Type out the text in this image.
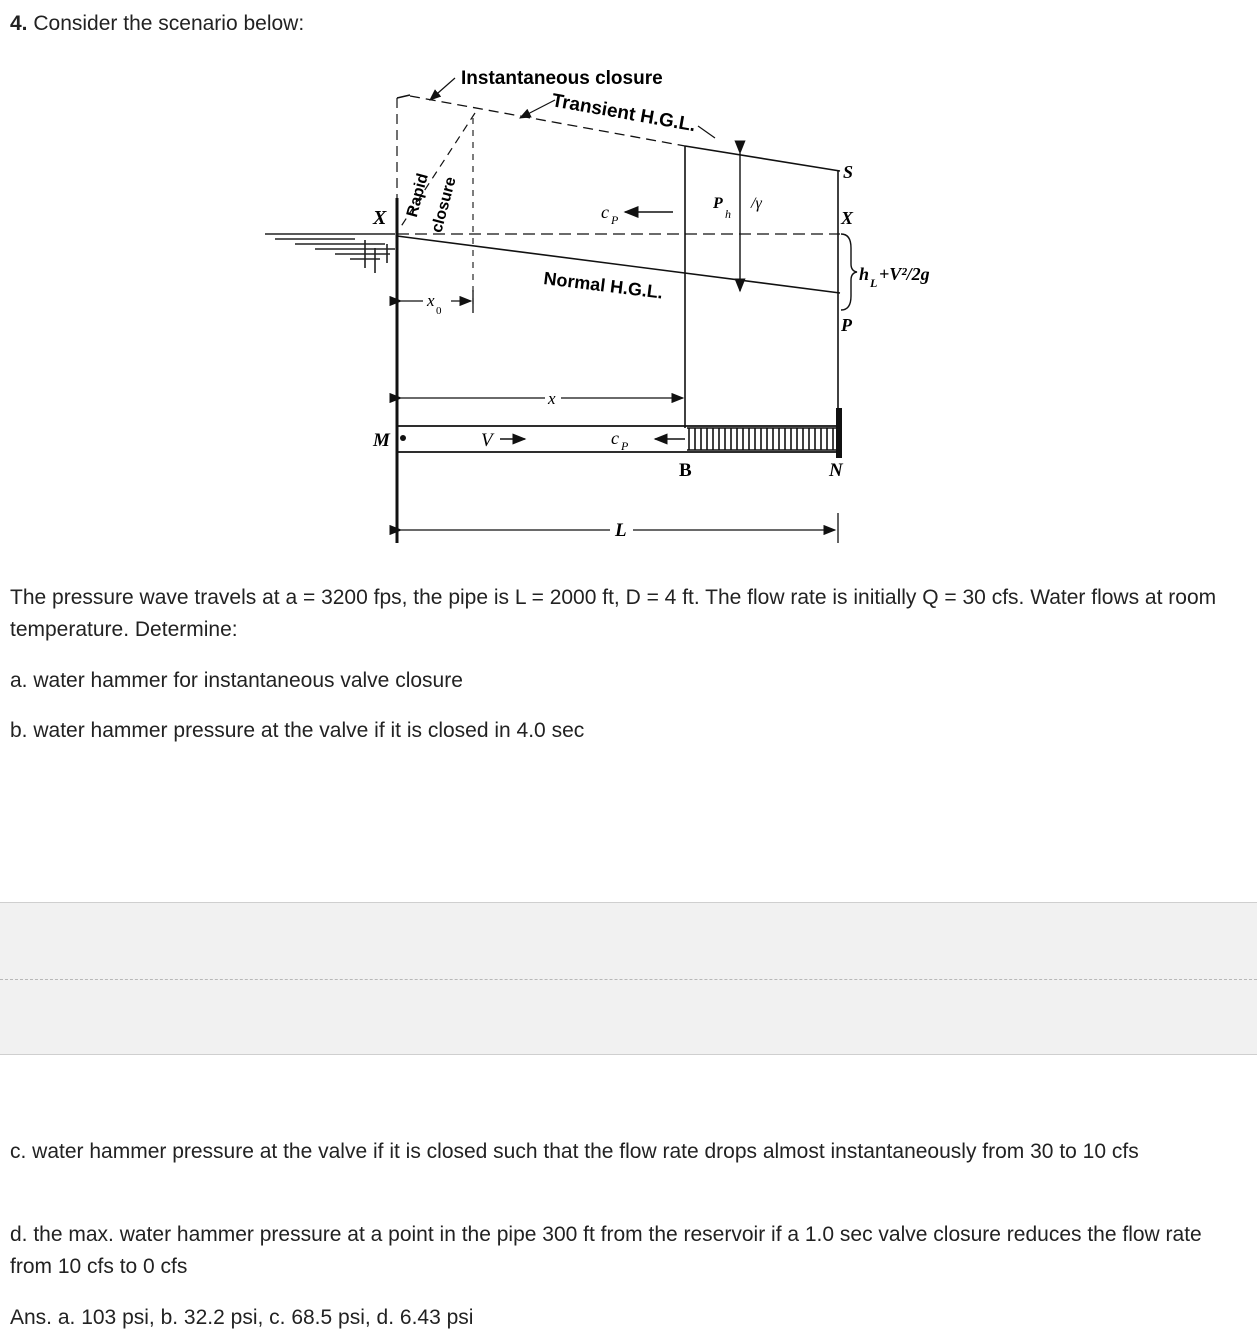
4. Consider the scenario below:
Instantaneous closure
Transient H.G.L.
Rapid
closure
X	c P
P
h
/γ
S
X
h L +V²/2g
P
Normal H.G.L.
x
0
x
M	V	c P
B	N
L

The pressure wave travels at a = 3200 fps, the pipe is L = 2000 ft, D = 4 ft. The flow rate is initially Q = 30 cfs. Water flows at room temperature. Determine:

a. water hammer for instantaneous valve closure

b. water hammer pressure at the valve if it is closed in 4.0 sec

c. water hammer pressure at the valve if it is closed such that the flow rate drops almost instantaneously from 30 to 10 cfs

d. the max. water hammer pressure at a point in the pipe 300 ft from the reservoir if a 1.0 sec valve closure reduces the flow rate from 10 cfs to 0 cfs

Ans. a. 103 psi, b. 32.2 psi, c. 68.5 psi, d. 6.43 psi
